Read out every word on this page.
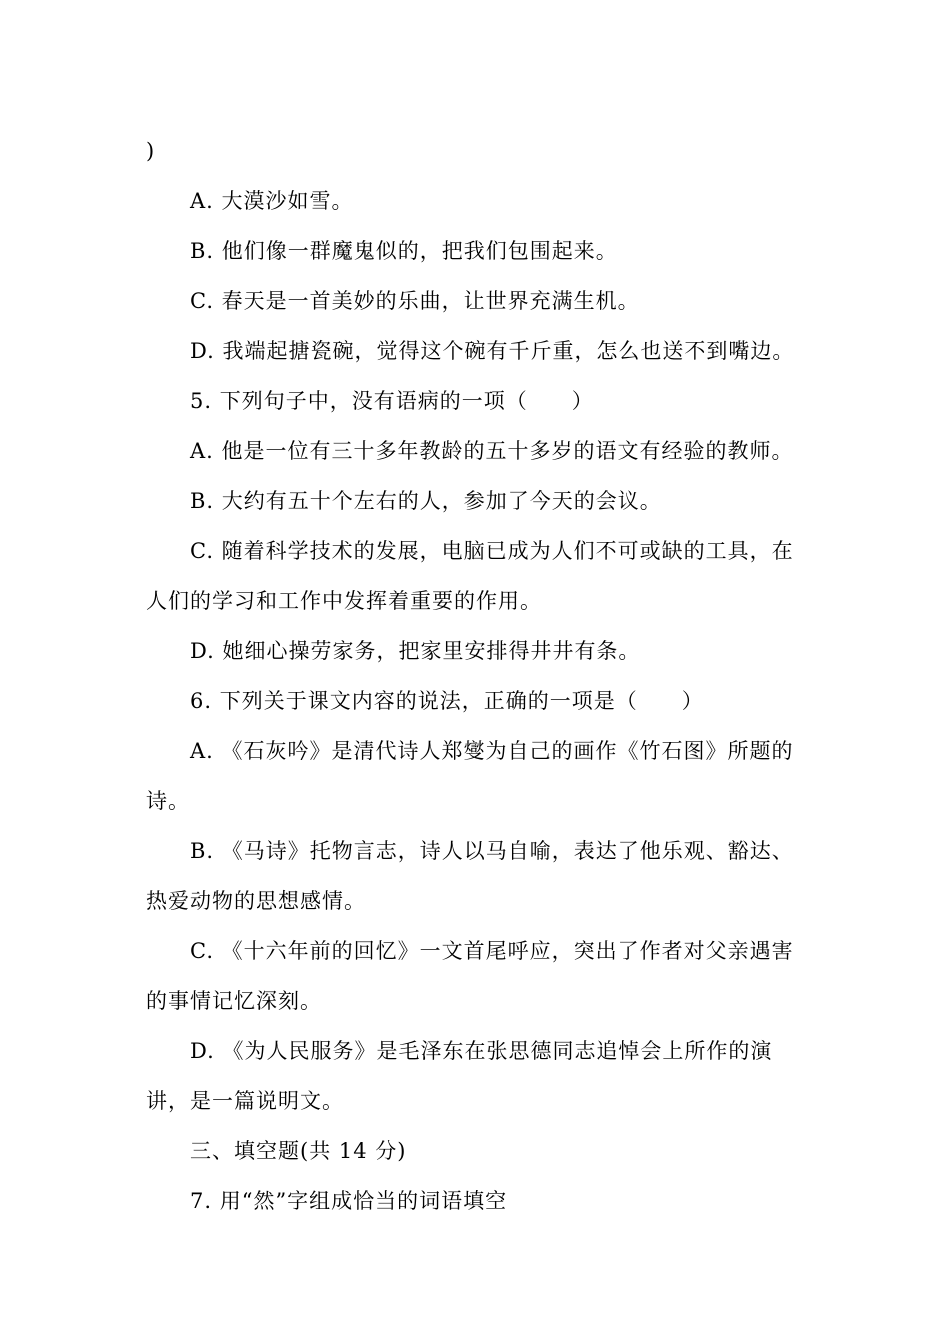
)
A. 大漠沙如雪。
B. 他们像一群魔鬼似的，把我们包围起来。
C. 春天是一首美妙的乐曲，让世界充满生机。
D. 我端起搪瓷碗，觉得这个碗有千斤重，怎么也送不到嘴边。
5. 下列句子中，没有语病的一项（　　）
A. 他是一位有三十多年教龄的五十多岁的语文有经验的教师。
B. 大约有五十个左右的人，参加了今天的会议。
C. 随着科学技术的发展，电脑已成为人们不可或缺的工具，在
人们的学习和工作中发挥着重要的作用。
D. 她细心操劳家务，把家里安排得井井有条。
6. 下列关于课文内容的说法，正确的一项是（　　）
A. 《石灰吟》是清代诗人郑燮为自己的画作《竹石图》所题的
诗。
B. 《马诗》托物言志，诗人以马自喻，表达了他乐观、豁达、
热爱动物的思想感情。
C. 《十六年前的回忆》一文首尾呼应，突出了作者对父亲遇害
的事情记忆深刻。
D. 《为人民服务》是毛泽东在张思德同志追悼会上所作的演
讲，是一篇说明文。
三、填空题(共 14 分)
7. 用“然”字组成恰当的词语填空
